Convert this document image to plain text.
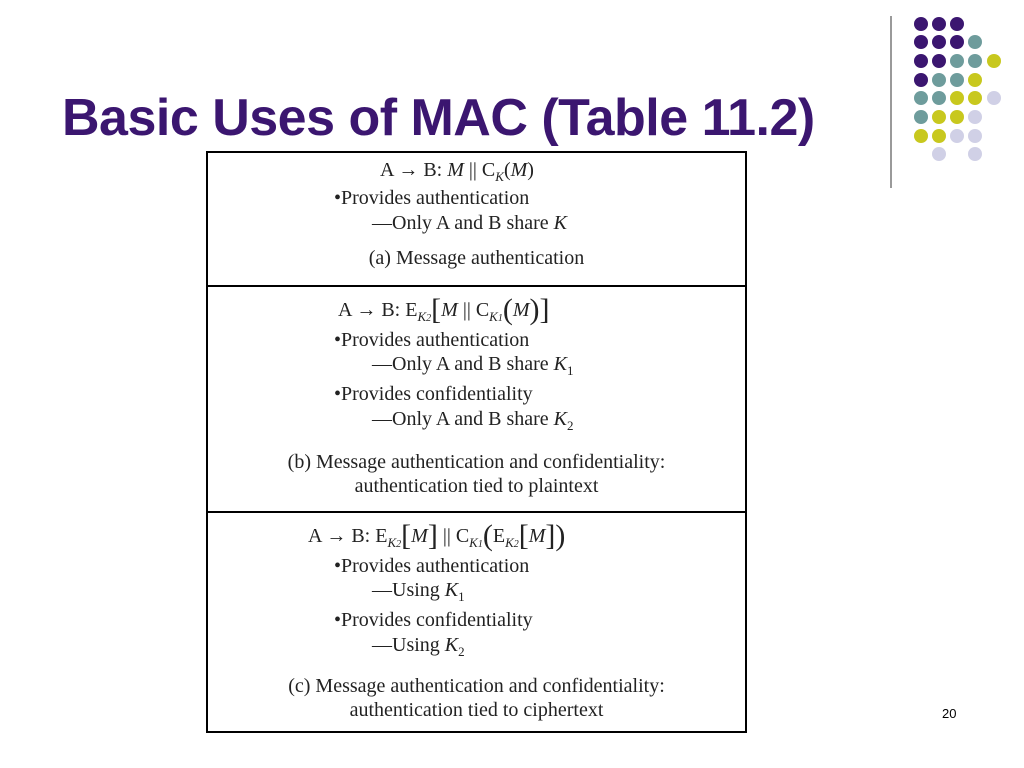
Basic Uses of MAC (Table 11.2)
A → B: M || $C_K(M)$
•Provides authentication
—Only A and B share K
(a) Message authentication
A → B: $E_{K2}[M$ || $C_{K1}(M)$]
•Provides authentication
—Only A and B share $K_1$
•Provides confidentiality
—Only A and B share $K_2$
(b) Message authentication and confidentiality:
authentication tied to plaintext
A → B: $E_{K2}[M]$ || $C_{K1}(E_{K2}[M])$
•Provides authentication
—Using $K_1$
•Provides confidentiality
—Using $K_2$
(c) Message authentication and confidentiality:
authentication tied to ciphertext	20
